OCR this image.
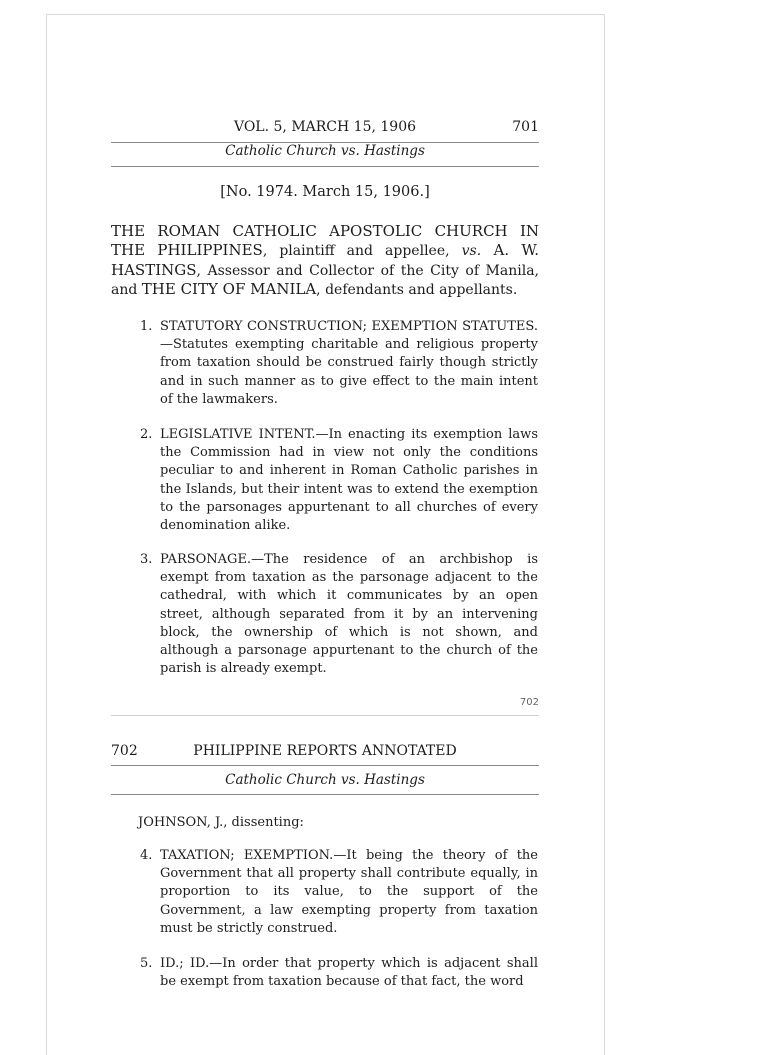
VOL. 5, MARCH 15, 1906	701
Catholic Church vs. Hastings
[No. 1974. March 15, 1906.]
THE ROMAN CATHOLIC APOSTOLIC CHURCH IN THE PHILIPPINES, plaintiff and appellee, vs. A. W. HASTINGS, Assessor and Collector of the City of Manila, and THE CITY OF MANILA, defendants and appellants.
1. STATUTORY CONSTRUCTION; EXEMPTION STATUTES.—Statutes exempting charitable and religious property from taxation should be construed fairly though strictly and in such manner as to give effect to the main intent of the lawmakers.
2. LEGISLATIVE INTENT.—In enacting its exemption laws the Commission had in view not only the conditions peculiar to and inherent in Roman Catholic parishes in the Islands, but their intent was to extend the exemption to the parsonages appurtenant to all churches of every denomination alike.
3. PARSONAGE.—The residence of an archbishop is exempt from taxation as the parsonage adjacent to the cathedral, with which it communicates by an open street, although separated from it by an intervening block, the ownership of which is not shown, and although a parsonage appurtenant to the church of the parish is already exempt.
702
702	PHILIPPINE REPORTS ANNOTATED
Catholic Church vs. Hastings
JOHNSON, J., dissenting:
4. TAXATION; EXEMPTION.—It being the theory of the Government that all property shall contribute equally, in proportion to its value, to the support of the Government, a law exempting property from taxation must be strictly construed.
5. ID.; ID.—In order that property which is adjacent shall be exempt from taxation because of that fact, the word
